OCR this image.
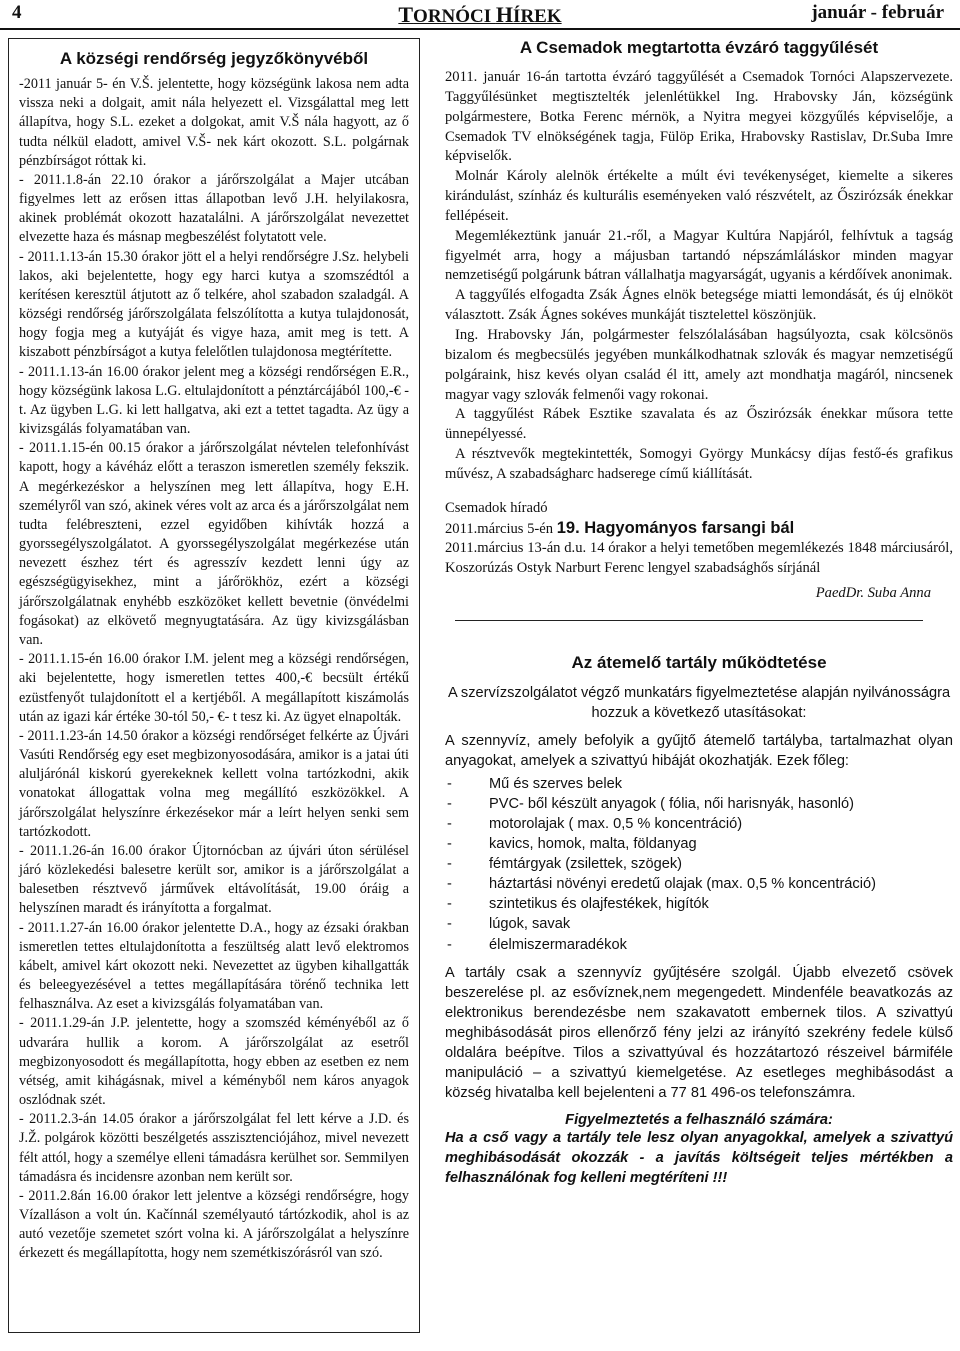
4	TORNÓCI HÍREK	január - február
A községi rendőrség jegyzőkönyvéből

-2011 január 5- én V.Š. jelentette, hogy községünk lakosa nem adta vissza neki a dolgait, amit nála helyezett el. Vizsgálattal meg lett állapítva, hogy S.L. ezeket a dolgokat, amit V.Š nála hagyott, az ő tudta nélkül eladott, amivel V.Š- nek kárt okozott. S.L. polgárnak pénzbírságot róttak ki.

- 2011.1.8-án 22.10 órakor a járőrszolgálat a Majer utcában figyelmes lett az erősen ittas állapotban levő J.H. helyilakosra, akinek problémát okozott hazatalálni. A járőrszolgálat nevezettet elvezette haza és másnap megbeszélést folytatott vele.

- 2011.1.13-án 15.30 órakor jött el a helyi rendőrségre J.Sz. helybeli lakos, aki bejelentette, hogy egy harci kutya a szomszédtól a kerítésen keresztül átjutott az ő telkére, ahol szabadon szaladgál. A községi rendőrség járőrszolgálata felszólította a kutya tulajdonosát, hogy fogja meg a kutyáját és vigye haza, amit meg is tett. A kiszabott pénzbírságot a kutya felelőtlen tulajdonosa megtérítette.

- 2011.1.13-án 16.00 órakor jelent meg a községi rendőrségen E.R., hogy községünk lakosa L.G. eltulajdonított a pénztárcájából 100,-€ -t. Az ügyben L.G. ki lett hallgatva, aki ezt a tettet tagadta. Az ügy a kivizsgálás folyamatában van.

- 2011.1.15-én 00.15 órakor a járőrszolgálat névtelen telefonhívást kapott, hogy a kávéház előtt a teraszon ismeretlen személy fekszik. A megérkezéskor a helyszínen meg lett állapítva, hogy E.H. személyről van szó, akinek véres volt az arca és a járőrszolgálat nem tudta felébreszteni, ezzel egyidőben kihívták hozzá a gyorssegélyszolgálatot. A gyorssegélyszolgálat megérkezése után nevezett észhez tért és agresszív kezdett lenni úgy az egészségügyisekhez, mint a járőrökhöz, ezért a községi járőrszolgálatnak enyhébb eszközöket kellett bevetnie (önvédelmi fogásokat) az elkövető megnyugtatására. Az ügy kivizsgálásban van.

- 2011.1.15-én 16.00 órakor I.M. jelent meg a községi rendőrségen, aki bejelentette, hogy ismeretlen tettes 400,-€ becsült értékű ezüstfenyőt tulajdonított el a kertjéből. A megállapított kiszámolás után az igazi kár értéke 30-tól 50,- €- t tesz ki. Az ügyet elnapolták.

- 2011.1.23-án 14.50 órakor a községi rendőrséget felkérte az Újvári Vasúti Rendőrség egy eset megbizonyosodására, amikor is a jatai úti aluljárónál kiskorú gyerekeknek kellett volna tartózkodni, akik vonatokat állogattak volna meg megállító eszközökkel. A járőrszolgálat helyszínre érkezésekor már a leírt helyen senki sem tartózkodott.

- 2011.1.26-án 16.00 órakor Újtornócban az újvári úton sérülésel járó közlekedési balesetre került sor, amikor is a járőrszolgálat a balesetben résztvevő járművek eltávolítását, 19.00 óráig a helyszínen maradt és irányította a forgalmat.

- 2011.1.27-án 16.00 órakor jelentette D.A., hogy az ézsaki órakban ismeretlen tettes eltulajdonította a feszültség alatt levő elektromos kábelt, amivel kárt okozott neki. Nevezettet az ügyben kihallgatták és beleegyezésével a tettes megállapítására törénő technika lett felhasználva. Az eset a kivizsgálás folyamatában van.

- 2011.1.29-án J.P. jelentette, hogy a szomszéd kéményéből az ő udvarára hullik a korom. A járőrszolgálat az esetről megbizonyosodott és megállapította, hogy ebben az esetben ez nem vétség, amit kihágásnak, mivel a kéményből nem káros anyagok oszlódnak szét.

- 2011.2.3-án 14.05 órakor a járőrszolgálat fel lett kérve a J.D. és J.Ž. polgárok közötti beszélgetés asszisztenciójához, mivel nevezett félt attól, hogy a személye elleni támadásra kerülhet sor. Semmilyen támadásra és incidensre azonban nem került sor.

- 2011.2.8án 16.00 órakor lett jelentve a községi rendőrségre, hogy Vízalláson a volt ún. Kačínnál személyautó tártózkodik, ahol is az autó vezetője szemetet szórt volna ki. A járőrszolgálat a helyszínre érkezett és megállapította, hogy nem szemétkiszórásról van szó.

A Csemadok megtartotta évzáró taggyűlését

2011. január 16-án tartotta évzáró taggyűlését a Csemadok Tornóci Alapszervezete. Taggyűlésünket megtisztelték jelenlétükkel Ing. Hrabovsky Ján, községünk polgármestere, Botka Ferenc mérnök, a Nyitra megyei közgyűlés képviselője, a Csemadok TV elnökségének tagja, Fülöp Erika, Hrabovsky Rastislav, Dr.Suba Imre képviselők.

Molnár Károly alelnök értékelte a múlt évi tevékenységet, kiemelte a sikeres kirándulást, színház és kulturális eseményeken való részvételt, az Őszirózsák énekkar fellépéseit.

Megemlékeztünk január 21.-ről, a Magyar Kultúra Napjáról, felhívtuk a tagság figyelmét arra, hogy a májusban tartandó népszámláláskor minden magyar nemzetiségű polgárunk bátran vállalhatja magyarságát, ugyanis a kérdőívek anonimak.

A taggyűlés elfogadta Zsák Ágnes elnök betegsége miatti lemondását, és új elnököt választott. Zsák Ágnes sokéves munkáját tisztelettel köszönjük.

Ing. Hrabovsky Ján, polgármester felszólalásában hagsúlyozta, csak kölcsönös bizalom és megbecsülés jegyében munkálkodhatnak szlovák és magyar nemzetiségű polgáraink, hisz kevés olyan család él itt, amely azt mondhatja magáról, nincsenek magyar vagy szlovák felmenői vagy rokonai.

A taggyűlést Rábek Esztike szavalata és az Őszirózsák énekkar műsora tette ünnepélyessé.

A résztvevők megtekintették, Somogyi György Munkácsy díjas festő-és grafikus művész, A szabadságharc hadserege című kiállítását.

Csemadok híradó

2011.március 5-én 19. Hagyományos farsangi bál

2011.március 13-án d.u. 14 órakor a helyi temetőben megemlékezés 1848 márciusáról, Koszorúzás Ostyk Narburt Ferenc lengyel szabadsághős sírjánál

PaedDr. Suba Anna
Az átemelő tartály működtetése

A szervízszolgálatot végző munkatárs figyelmeztetése alapján nyilvánosságra hozzuk a következő utasításokat:

A szennyvíz, amely befolyik a gyűjtő átemelő tartályba, tartalmazhat olyan anyagokat, amelyek a szivattyú hibáját okozhatják. Ezek főleg:

-	Mű és szerves belek
-	PVC- ből készült anyagok ( fólia, női harisnyák, hasonló)
-	motorolajak ( max. 0,5 % koncentráció)
-	kavics, homok, malta, földanyag
-	fémtárgyak (zsilettek, szögek)
-	háztartási növényi eredetű olajak (max. 0,5 % koncentráció)
-	szintetikus és olajfestékek, higítók
-	lúgok, savak
-	élelmiszermaradékok

A tartály csak a szennyvíz gyűjtésére szolgál. Újabb elvezető csövek beszerelése pl. az esővíznek,nem megengedett. Mindenféle beavatkozás az elektronikus berendezésbe nem szakavatott embernek tilos. A szivattyú meghibásodását piros ellenőrző fény jelzi az irányító szekrény fedele külső oldalára beépítve. Tilos a szivattyúval és hozzátartozó részeivel bármiféle manipuláció – a szivattyú kiemelgetése. Az esetleges meghibásodást a község hivatalba kell bejelenteni a 77 81 496-os telefonszámra.

Figyelmeztetés a felhasználó számára:
Ha a cső vagy a tartály tele lesz olyan anyagokkal, amelyek a szivattyú meghibásodását okozzák - a javítás költségeit teljes mértékben a felhasználónak fog kelleni megtéríteni !!!
